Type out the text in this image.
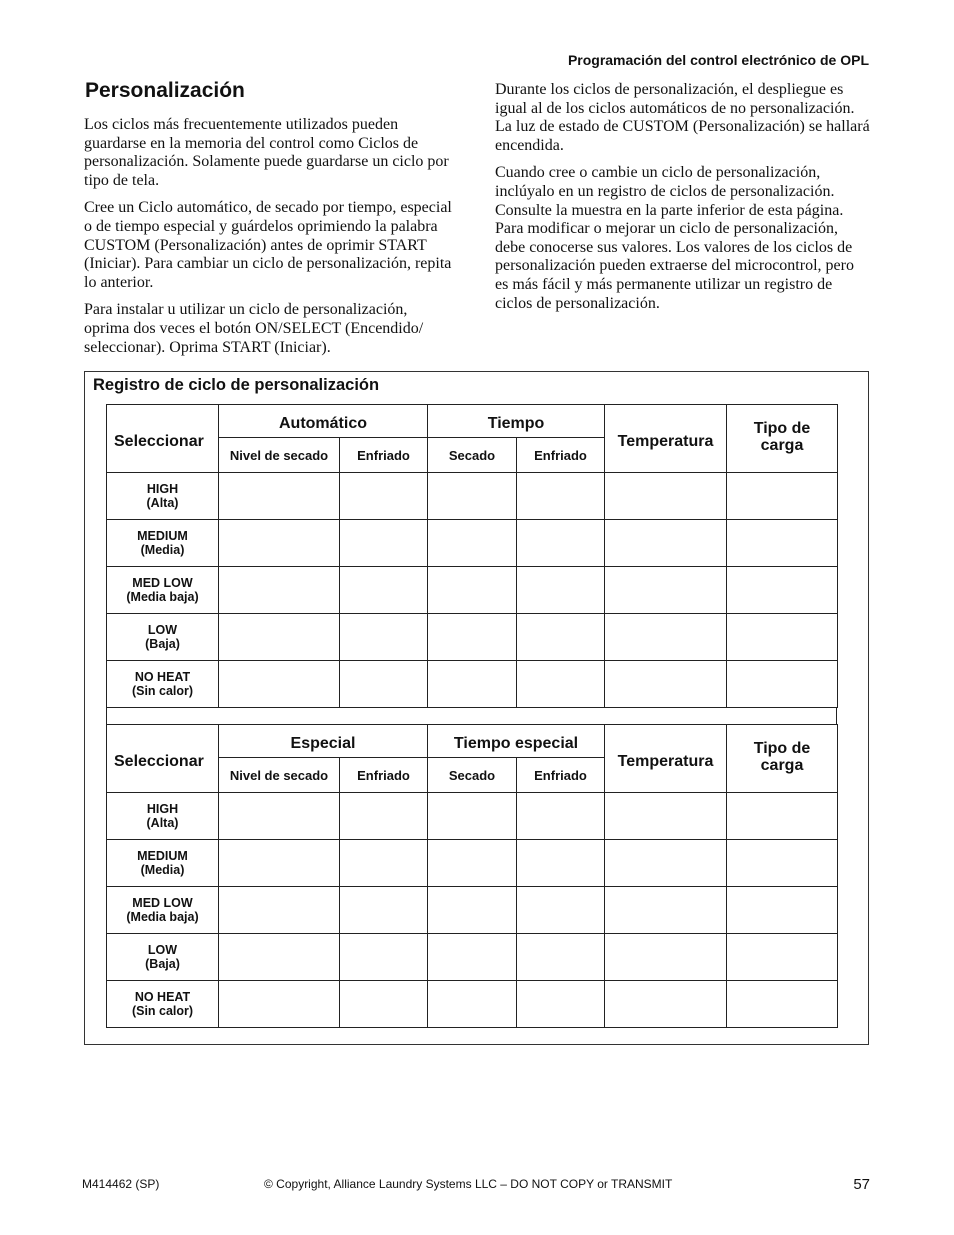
Programación del control electrónico de OPL
Personalización

Los ciclos más frecuentemente utilizados pueden guardarse en la memoria del control como Ciclos de personalización. Solamente puede guardarse un ciclo por tipo de tela.

Cree un Ciclo automático, de secado por tiempo, especial o de tiempo especial y guárdelos oprimiendo la palabra CUSTOM (Personalización) antes de oprimir START (Iniciar). Para cambiar un ciclo de personalización, repita lo anterior.

Para instalar u utilizar un ciclo de personalización, oprima dos veces el botón ON/SELECT (Encendido/ seleccionar). Oprima START (Iniciar).

Durante los ciclos de personalización, el despliegue es igual al de los ciclos automáticos de no personalización. La luz de estado de CUSTOM (Personalización) se hallará encendida.

Cuando cree o cambie un ciclo de personalización, inclúyalo en un registro de ciclos de personalización. Consulte la muestra en la parte inferior de esta página. Para modificar o mejorar un ciclo de personalización, debe conocerse sus valores. Los valores de los ciclos de personalización pueden extraerse del microcontrol, pero es más fácil y más permanente utilizar un registro de ciclos de personalización.

Registro de ciclo de personalización
Seleccionar	Automático		Tiempo		Temperatura	Tipo de carga
	Nivel de secado	Enfriado	Secado	Enfriado		
HIGH
(Alta)						
MEDIUM
(Media)						
MED LOW
(Media baja)						
LOW
(Baja)						
NO HEAT
(Sin calor)						
Seleccionar	Especial		Tiempo especial		Temperatura	Tipo de carga
	Nivel de secado	Enfriado	Secado	Enfriado		
HIGH
(Alta)						
MEDIUM
(Media)						
MED LOW
(Media baja)						
LOW
(Baja)						
NO HEAT
(Sin calor)						
M414462 (SP)	© Copyright, Alliance Laundry Systems LLC – DO NOT COPY or TRANSMIT	57
